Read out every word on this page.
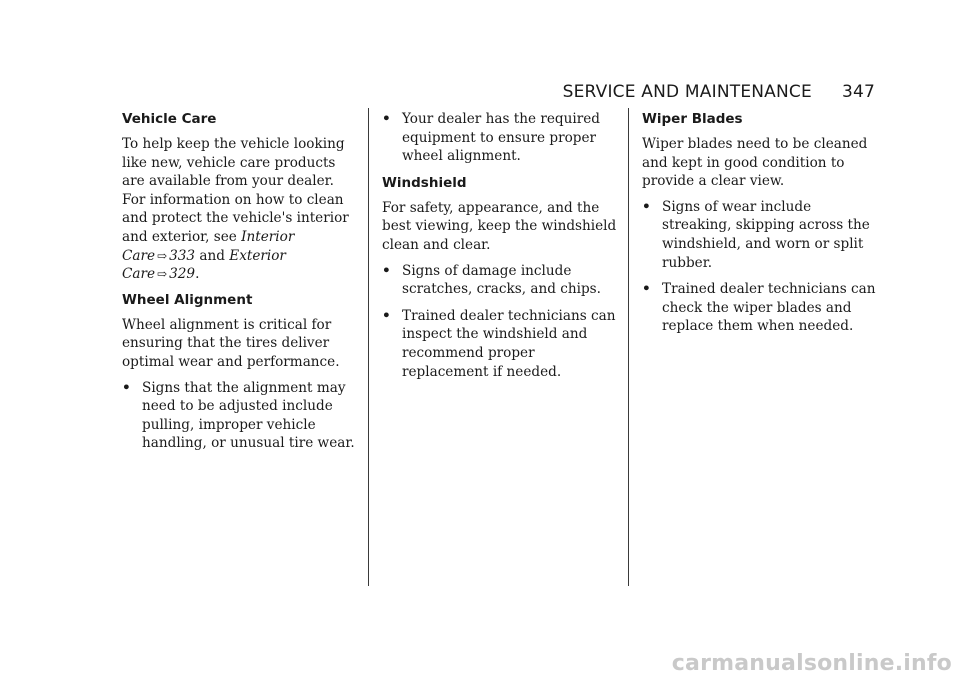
SERVICE AND MAINTENANCE 347
Vehicle Care

To help keep the vehicle looking like new, vehicle care products are available from your dealer. For information on how to clean and protect the vehicle's interior and exterior, see Interior Care ⇨ 333 and Exterior Care ⇨ 329.

Wheel Alignment

Wheel alignment is critical for ensuring that the tires deliver optimal wear and performance.

• Signs that the alignment may need to be adjusted include pulling, improper vehicle handling, or unusual tire wear.
• Your dealer has the required equipment to ensure proper wheel alignment.
Windshield

For safety, appearance, and the best viewing, keep the windshield clean and clear.

• Signs of damage include scratches, cracks, and chips.
• Trained dealer technicians can inspect the windshield and recommend proper replacement if needed.
Wiper Blades

Wiper blades need to be cleaned and kept in good condition to provide a clear view.

• Signs of wear include streaking, skipping across the windshield, and worn or split rubber.
• Trained dealer technicians can check the wiper blades and replace them when needed.
carmanualsonline.info
